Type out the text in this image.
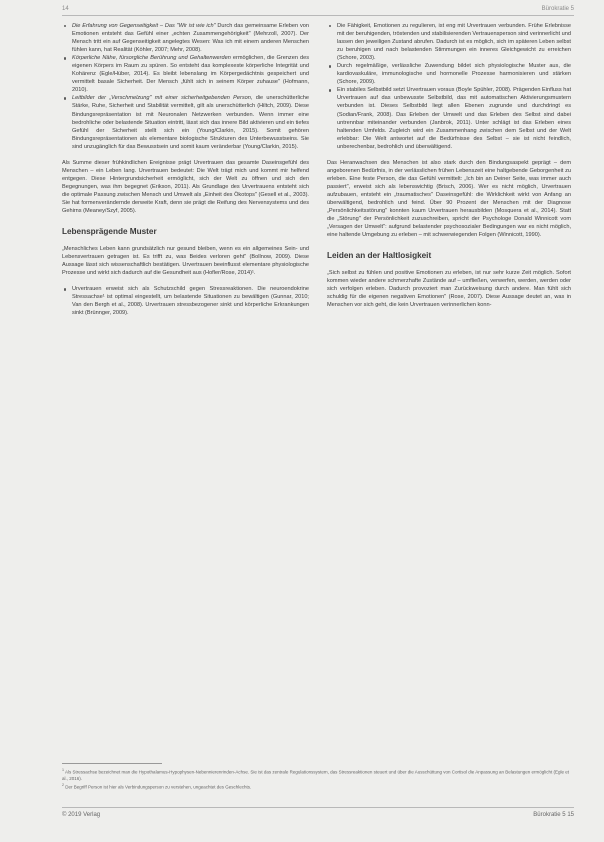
14	Bürokratie 5
Die Erfahrung von Gegenseitigkeit – Das "Wir ist wie ich" Durch das gemeinsame Erleben von Emotionen entsteht das Gefühl einer „echten Zusammengehörigkeit" (Mehrzoll, 2007). Der Mensch tritt ein auf Gegenseitigkeit angelegtes Wesen: Was ich mit einem anderen Menschen fühlen kann, hat Realität (Köhler, 2007; Mehr, 2008).
Körperliche Nähe, fürsorgliche Berührung und Gehaltenwerden ermöglichen, die Grenzen des eigenen Körpers im Raum zu spüren. So entsteht das komplexeste körperliche Integrität und Kohärenz (Egle/Hüber, 2014). Es bleibt lebenslang im Körpergedächtnis gespeichert und vermittelt basale Sicherheit. Der Mensch „fühlt sich in seinem Körper zuhause" (Hofmann, 2010).
Leitbilder der „Verschmelzung" mit einer sicherheitgebenden Person, die unerschütterliche Stärke, Ruhe, Sicherheit und Stabilität vermittelt, gilt als unerschütterlich (Hiltch, 2009). Diese Bindungsrepräsentation ist mit Neuronalen Netzwerken verbunden. Wenn immer eine bedrohliche oder belastende Situation eintritt, lässt sich das innere Bild aktivieren und ein tiefes Gefühl der Sicherheit stellt sich ein (Young/Clarkin, 2015). Somit gehören Bindungsrepräsentationen als elementare biologische Strukturen des Unterbewusstseins. Sie sind unzugänglich für das Bewusstsein und somit kaum veränderbar (Young/Clarkin, 2015).

Als Summe dieser frühkindlichen Ereignisse prägt Urvertrauen das gesamte Daseinsgefühl des Menschen – ein Leben lang. Urvertrauen bedeutet: Die Welt trägt mich und kommt mir helfend entgegen. Diese Hintergrundsicherheit ermöglicht, sich der Welt zu öffnen und sich den Begegnungen, was ihm begegnet (Erikson, 2011). Als Grundlage des Urvertrauens entsteht sich die optimale Passung zwischen Mensch und Umwelt als „Einheit des Ökotops" (Gesell et al., 2003). Sie hat formenverändernde derweite Kraft, denn sie prägt die Reifung des Nervensystems und des Gehirns (Meaney/Szyf, 2005).

Lebensprägende Muster

„Menschliches Leben kann grundsätzlich nur gesund bleiben, wenn es ein allgemeines Sein- und Lebensvertrauen getragen ist. Es trifft zu, was Beides verloren geht" (Bollnow, 2009). Diese Aussage lässt sich wissenschaftlich bestätigen. Urvertrauen beeinflusst elementare physiologische Prozesse und wirkt sich dadurch auf die Gesundheit aus (Hofler/Rose, 2014)¹.

Urvertrauen erweist sich als Schutzschild gegen Stressreaktionen. Die neuroendokrine Stressachse¹ ist optimal eingestellt, um belastende Situationen zu bewältigen (Gunnar, 2010; Van den Bergh et al., 2008). Urvertrauen stressbezogener sinkt und körperliche Erkrankungen sinkt (Brünnger, 2009).
Die Fähigkeit, Emotionen zu regulieren, ist eng mit Urvertrauen verbunden. Frühe Erlebnisse mit der beruhigenden, tröstenden und stabilisierenden Vertrauensperson sind verinnerlicht und lassen den jeweiligen Zustand abrufen. Dadurch ist es möglich, sich im späteren Leben selbst zu beruhigen und nach belastenden Stimmungen ein inneres Gleichgewicht zu erreichen (Schore, 2003).
Durch regelmäßige, verlässliche Zuwendung bildet sich physiologische Muster aus, die kardiovaskuläre, immunologische und hormonelle Prozesse harmonisieren und stärken (Schore, 2009).
Ein stabiles Selbstbild setzt Urvertrauen voraus (Boyle Spühler, 2008). Prägenden Einfluss hat Urvertrauen auf das unbewusste Selbstbild, das mit automatischen Aktivierungsmustern verbunden ist. Dieses Selbstbild liegt allen Ebenen zugrunde und durchdringt es (Sodian/Frank, 2008). Das Erleben der Umwelt und das Erleben des Selbst sind dabei untrennbar miteinander verbunden (Janbrok, 2011). Unter schlägt ist das Erleben eines haltenden Umfelds. Zugleich wird ein Zusammenhang zwischen dem Selbst und der Welt erlebbar: Die Welt antwortet auf die Bedürfnisse des Selbst – sie ist nicht feindlich, unberechenbar, bedrohlich und überwältigend.

Das Heranwachsen des Menschen ist also stark durch den Bindungsaspekt geprägt – dem angeborenen Bedürfnis, in der verlässlichen frühen Lebenszeit eine haltgebende Geborgenheit zu erleben. Eine feste Person, die das Gefühl vermittelt: „Ich bin an Deiner Seite, was immer auch passiert", erweist sich als lebenswichtig (Brisch, 2006). Wer es nicht möglich, Urvertrauen aufzubauen, entsteht ein „traumatisches" Daseinsgefühl: die Wirklichkeit wirkt von Anfang an überwältigend, bedrohlich und feind. Über 90 Prozent der Menschen mit der Diagnose „Persönlichkeitsstörung" konnten kaum Urvertrauen herausbilden (Mosquera et al., 2014). Statt die „Störung" der Persönlichkeit zuzuschreiben, spricht der Psychologe Donald Winnicott vom „Versagen der Umwelt": aufgrund belastender psychosozialer Bedingungen war es nicht möglich, eine haltende Umgebung zu erleben – mit schwerwiegenden Folgen (Winnicott, 1990).

Leiden an der Haltlosigkeit

„Sich selbst zu fühlen und positive Emotionen zu erleben, ist nur sehr kurze Zeit möglich. Sofort kommen wieder andere schmerzhafte Zustände auf – umfließen, verwerfen, werden, werden oder sich verfolgen erleben. Dadurch provoziert man Zurückweisung durch andere. Man fühlt sich schuldig für die eigenen negativen Emotionen" (Rose, 2007). Diese Aussage deutet an, was in Menschen vor sich geht, die kein Urvertrauen verinnerlichen konn-

$^1$ Als Stressachse bezeichnet man die Hypothalamus-Hypophysen-Nebennierenrinden-Achse. Sie ist das zentrale Regulationssystem, das Stressreaktionen steuert und über die Ausschüttung von Cortisol die Anpassung an Belastungen ermöglicht (Egle et al., 2016).

$^2$ Der Begriff Person ist hier als Verbindungsperson zu verstehen, ungeachtet des Geschlechts.

© 2019 Verlag	Bürokratie 5 15
